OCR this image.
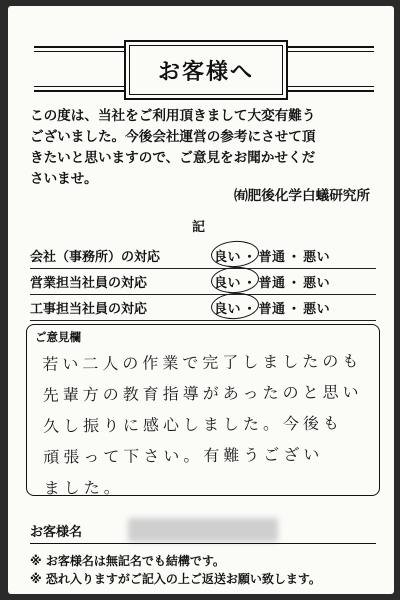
お客様へ
この度は、当社をご利用頂きまして大変有難う
ございました。今後会社運営の参考にさせて頂
きたいと思いますので、ご意見をお聞かせくだ
さいませ。
㈲肥後化学白蟻研究所
記
会社（事務所）の対応	良い ・ 普通 ・ 悪い
営業担当社員の対応	良い ・ 普通 ・ 悪い
工事担当社員の対応	良い ・ 普通 ・ 悪い
ご意見欄
若い二人の作業で完了しましたのも
先輩方の教育指導があったのと思い
久し振りに感心しました。今後も
頑張って下さい。有難うござい
ました。
お客様名
※ お客様名は無記名でも結構です。
※ 恐れ入りますがご記入の上ご返送お願い致します。
